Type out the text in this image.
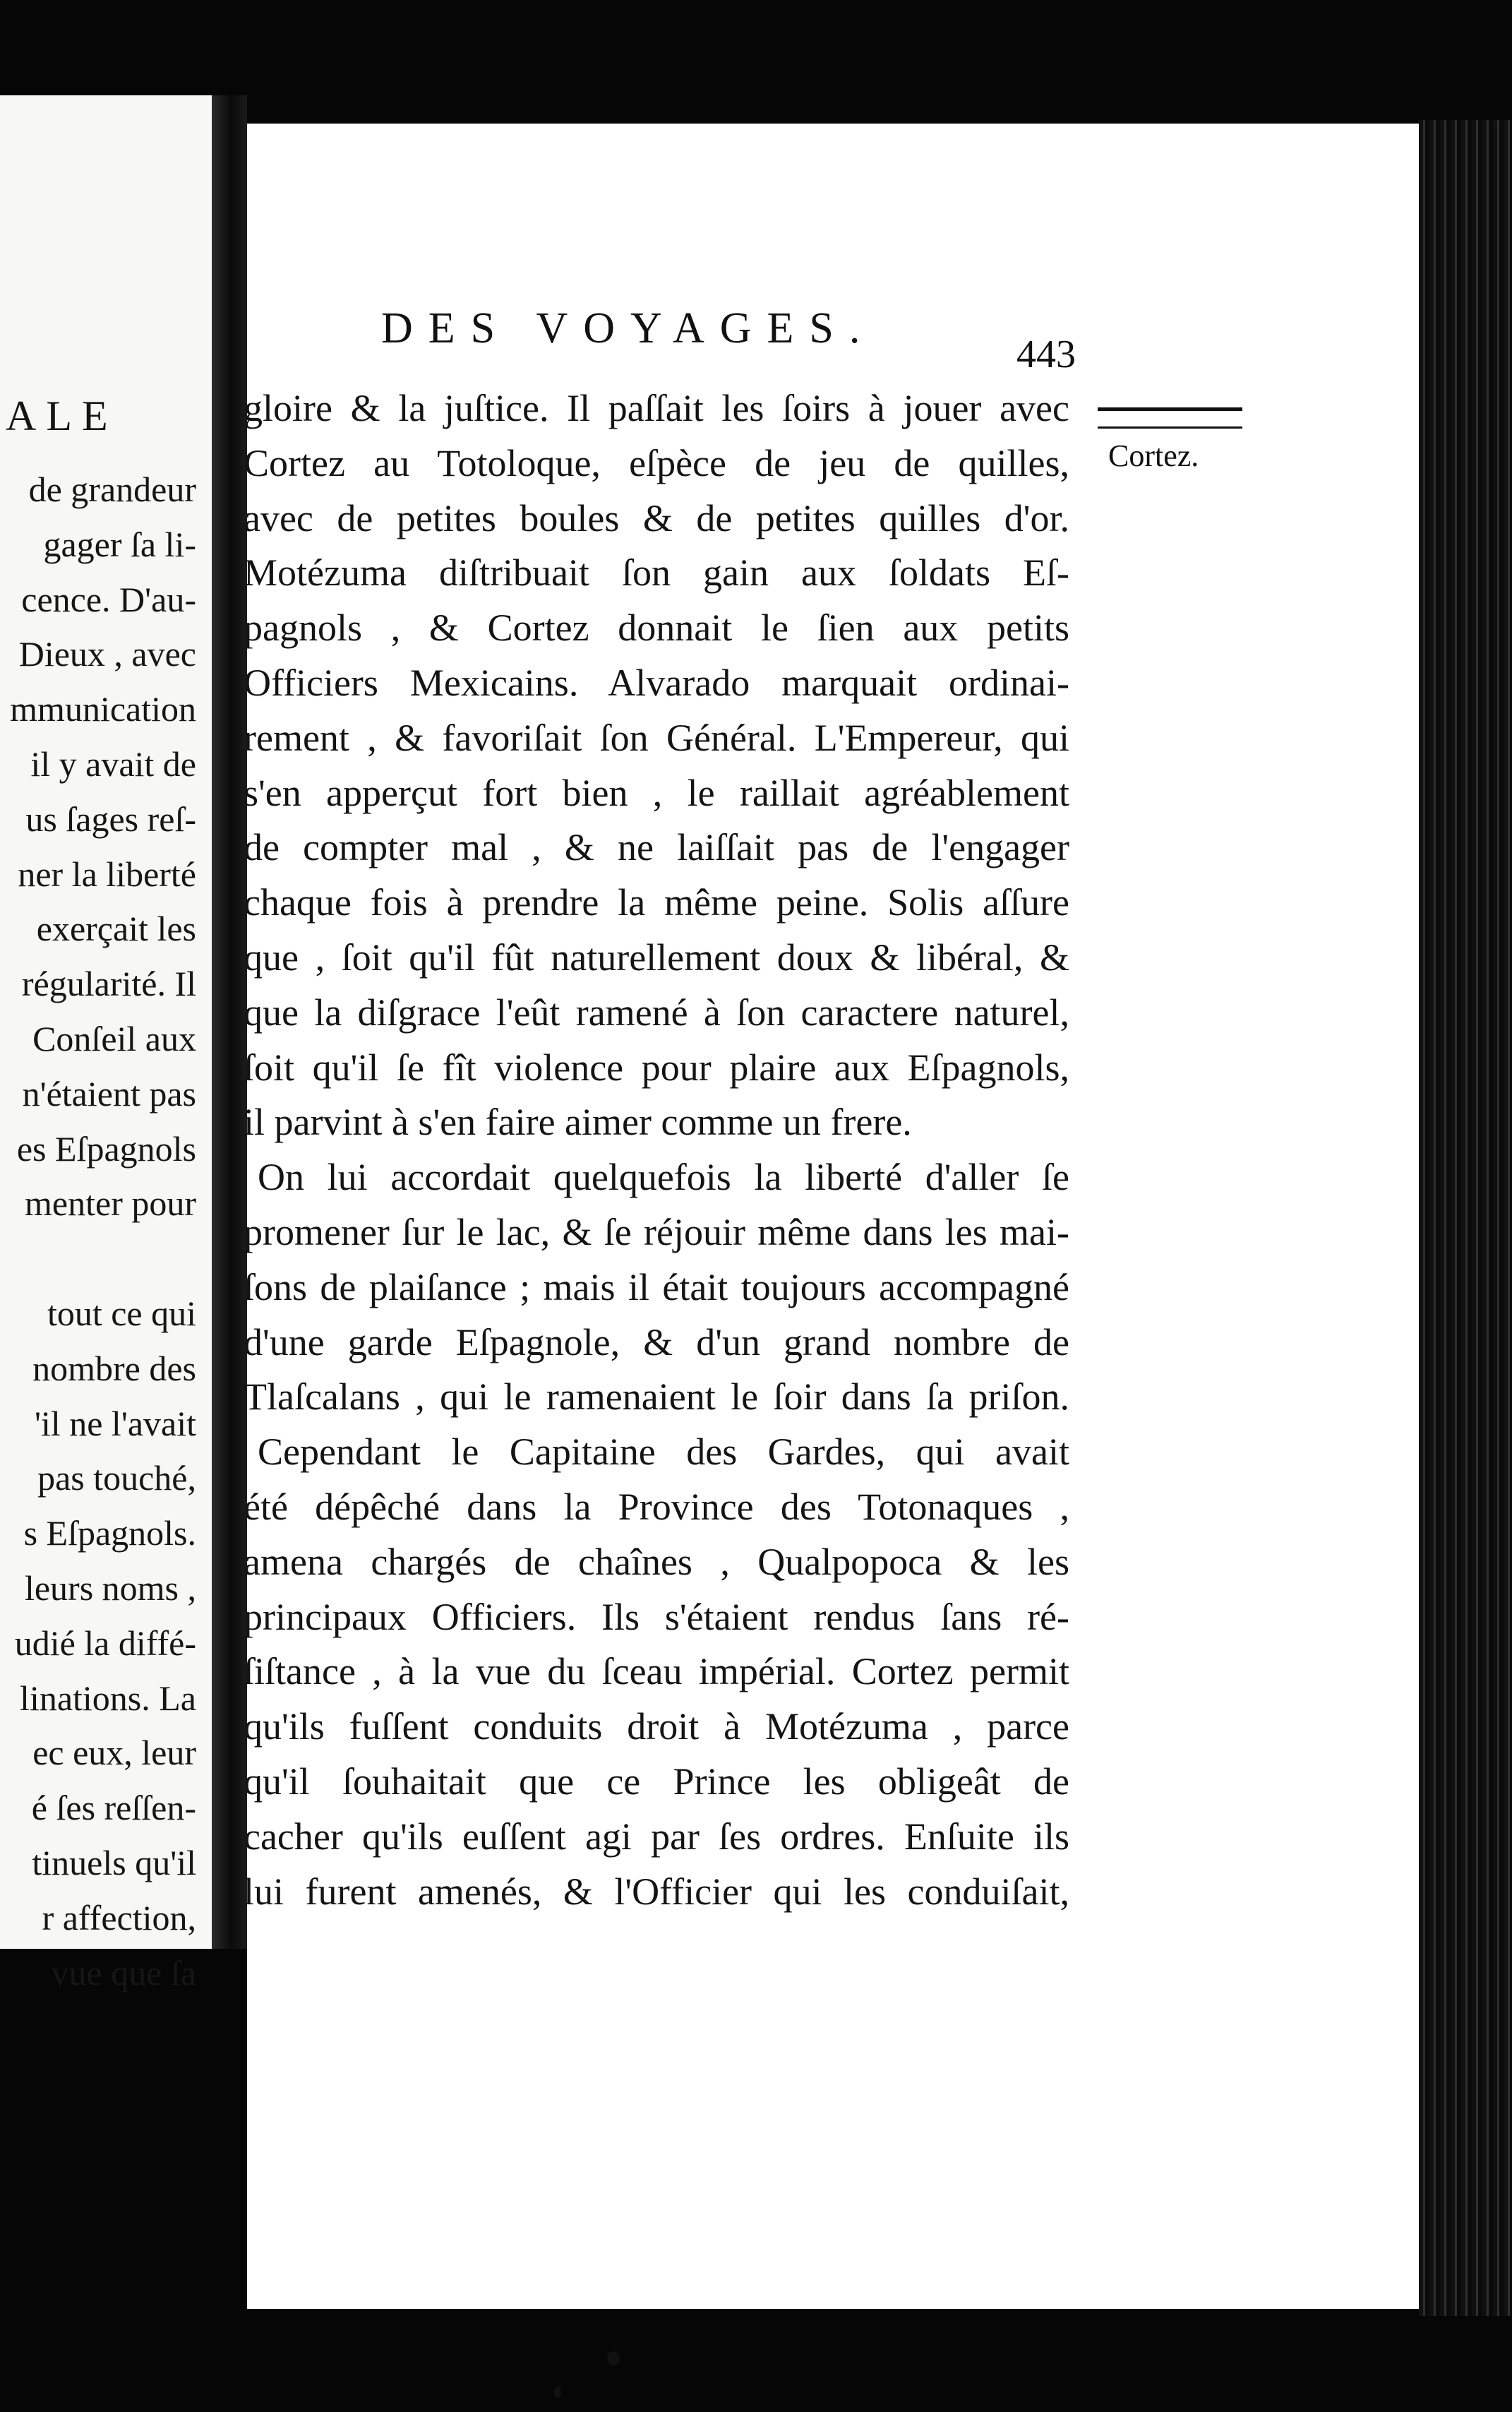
ALE
de grandeur
gager ſa li-
cence. D'au-
Dieux , avec
mmunication
il y avait de
us ſages reſ-
ner la liberté
exerçait les
régularité. Il
Conſeil aux
n'étaient pas
es Eſpagnols
menter pour
tout ce qui
nombre des
'il ne l'avait
pas touché,
s Eſpagnols.
leurs noms ,
udié la diffé-
linations. La
ec eux, leur
é ſes reſſen-
tinuels qu'il
r affection,
vue que ſa
DES VOYAGES.
443
Cortez.
gloire & la juſtice. Il paſſait les ſoirs à jouer avec
Cortez au Totoloque, eſpèce de jeu de quilles,
avec de petites boules & de petites quilles d'or.
Motézuma diſtribuait ſon gain aux ſoldats Eſ-
pagnols , & Cortez donnait le ſien aux petits
Officiers Mexicains. Alvarado marquait ordinai-
rement , & favoriſait ſon Général. L'Empereur, qui
s'en apperçut fort bien , le raillait agréablement
de compter mal , & ne laiſſait pas de l'engager
chaque fois à prendre la même peine. Solis aſſure
que , ſoit qu'il fût naturellement doux & libéral, &
que la diſgrace l'eût ramené à ſon caractere naturel,
ſoit qu'il ſe fît violence pour plaire aux Eſpagnols,
il parvint à s'en faire aimer comme un frere.
On lui accordait quelquefois la liberté d'aller ſe
promener ſur le lac, & ſe réjouir même dans les mai-
ſons de plaiſance ; mais il était toujours accompagné
d'une garde Eſpagnole, & d'un grand nombre de
Tlaſcalans , qui le ramenaient le ſoir dans ſa priſon.
Cependant le Capitaine des Gardes, qui avait
été dépêché dans la Province des Totonaques ,
amena chargés de chaînes , Qualpopoca & les
principaux Officiers. Ils s'étaient rendus ſans ré-
ſiſtance , à la vue du ſceau impérial. Cortez permit
qu'ils fuſſent conduits droit à Motézuma , parce
qu'il ſouhaitait que ce Prince les obligeât de
cacher qu'ils euſſent agi par ſes ordres. Enſuite ils
lui furent amenés, & l'Officier qui les conduiſait,
